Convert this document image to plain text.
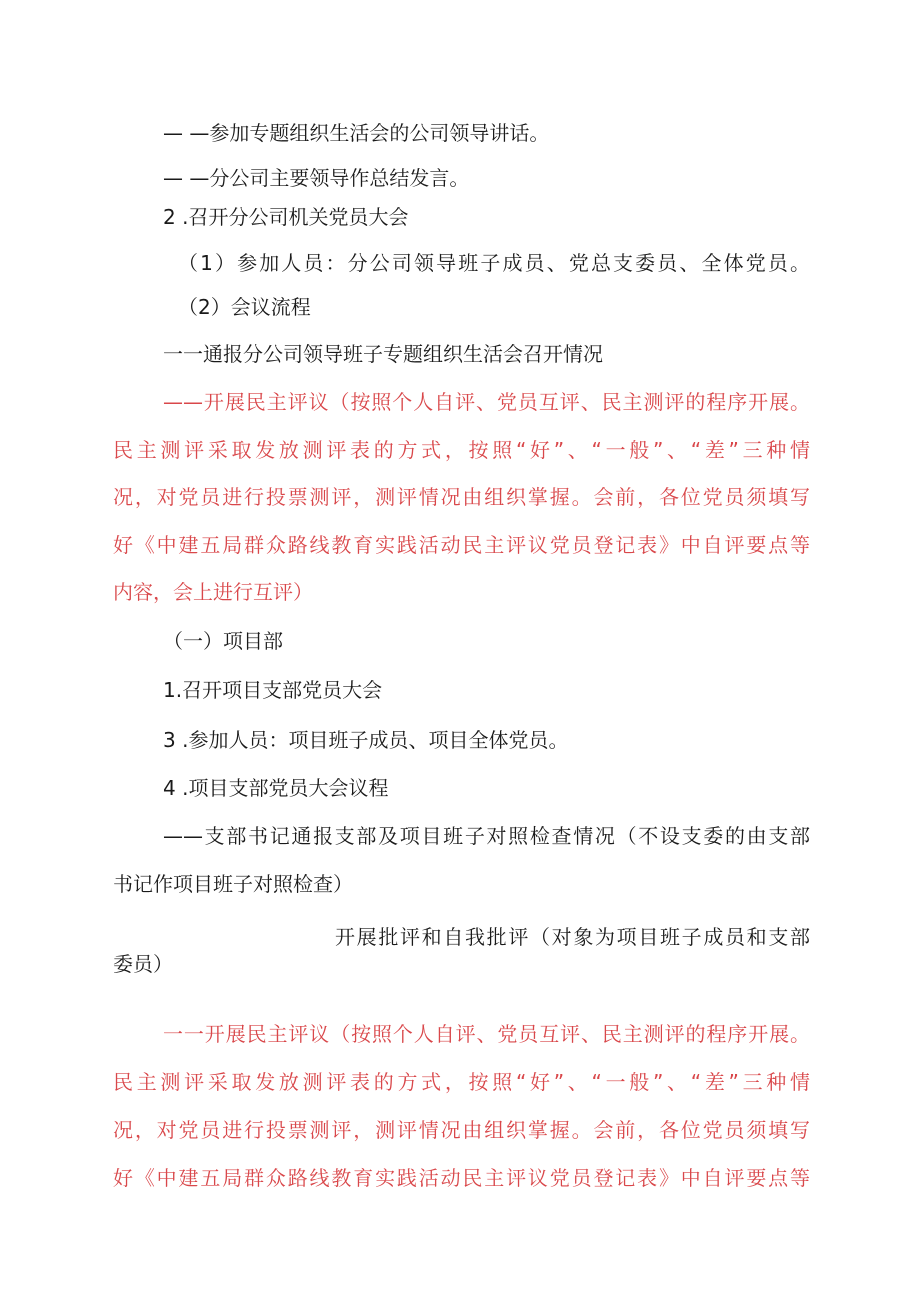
— —参加专题组织生活会的公司领导讲话。
— —分公司主要领导作总结发言。
2 .召开分公司机关党员大会
（1）参加人员：分公司领导班子成员、党总支委员、全体党员。
（2）会议流程
一一通报分公司领导班子专题组织生活会召开情况
——开展民主评议（按照个人自评、党员互评、民主测评的程序开展。
民主测评采取发放测评表的方式，按照“好”、“一般”、“差”三种情
况，对党员进行投票测评，测评情况由组织掌握。会前，各位党员须填写
好《中建五局群众路线教育实践活动民主评议党员登记表》中自评要点等
内容，会上进行互评）
（一）项目部
1.召开项目支部党员大会
3 .参加人员：项目班子成员、项目全体党员。
4 .项目支部党员大会议程
——支部书记通报支部及项目班子对照检查情况（不设支委的由支部
书记作项目班子对照检查）
开展批评和自我批评（对象为项目班子成员和支部
委员）
一一开展民主评议（按照个人自评、党员互评、民主测评的程序开展。
民主测评采取发放测评表的方式，按照“好”、“一般”、“差”三种情
况，对党员进行投票测评，测评情况由组织掌握。会前，各位党员须填写
好《中建五局群众路线教育实践活动民主评议党员登记表》中自评要点等
